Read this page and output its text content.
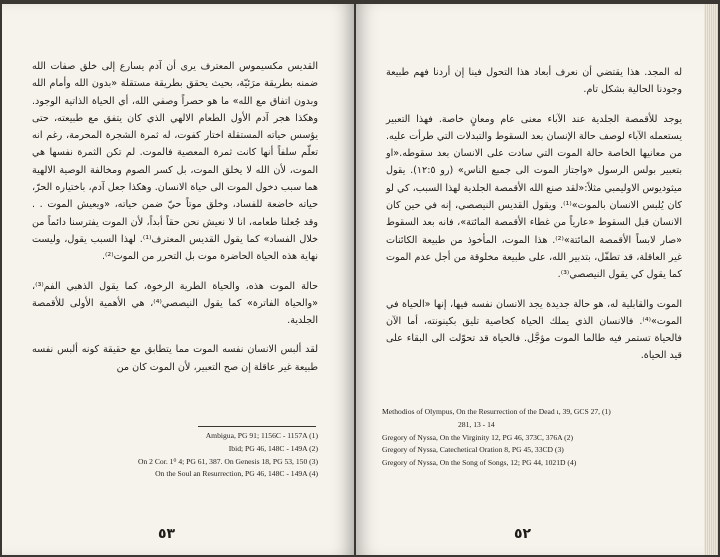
القديس مكسيموس المعترف يرى أن آدم يسارع إلى خلق صفات الله ضمنه بطريقة مرَئيّة، بحيث يحقق بطريقة مستقلة «بدون الله وأمام الله وبدون اتفاق مع الله» ما هو حصراً وصفي الله، أي الحياة الذاتية الوجود. وهكذا هجر آدم الأول الطعام الالهي الذي كان يتفق مع طبيعته، حتى يؤسس حياته المستقلة اختار كفوت، له ثمرة الشجرة المحرمة، رغم انه تعلّم سلفاً أنها كانت ثمرة المعصية فالموت. لم تكن الثمرة نفسها هي الموت، لأن الله لا يخلق الموت، بل كسر الصوم ومخالفة الوصية الالهية هما سبب دخول الموت الى حياة الانسان. وهكذا جعل آدم، باختياره الحرّ، حياته خاضعة للفساد، وخلق موتاً حيّ ضمن حياته، «ويعيش الموت . . وقد جُعلنا طعامه، انا لا نعيش نحن حقاً أبداً، لأن الموت يفترسنا دائماً من خلال الفساد» كما يقول القديس المعترف⁽¹⁾. لهذا السبب يقول، وليست نهاية هذه الحياة الحاضرة موت بل التحرر من الموت⁽²⁾.

حالة الموت هذه، والحياة الطرية الرخوة، كما يقول الذهبي الفم⁽³⁾، «والحياة الفاترة» كما يقول النيصصي⁽⁴⁾، هي الأهمية الأولى للأقمصة الجلدية.

لقد ألبس الانسان نفسه الموت مما يتطابق مع حقيقة كونه ألبس نفسه طبيعة غير عاقلة إن صح التعبير، لأن الموت كان من

Ambigua, PG 91; 1156C - 1157A (1)
Ibid; PG 46, 148C - 149A (2)
On 2 Cor. 1⁰ 4; PG 61, 387. On Genesis 18, PG 53, 150 (3)
On the Soul an Resurrection, PG 46, 148C - 149A (4)
٥٣

له المجد. هذا يقتضي أن نعرف أبعاد هذا التحول فينا إن أردنا فهم طبيعة وجودنا الحالية بشكل تام.

يوجد للأقمصة الجلدية عند الآباء معنى عام ومعانٍ خاصة. فهذا التعبير يستعمله الآباء لوصف حالة الإنسان بعد السقوط والتبدلات التي طرأت عليه. من معانيها الخاصة حالة الموت التي سادت على الانسان بعد سقوطه.«او بتعبير بولس الرسول «واجتاز الموت الى جميع الناس» (رو ١٢:٥). يقول ميثوديوس الاوليمبي مثلاً:«لقد صنع الله الأقمصة الجلدية لهذا السبب، كي لو كان يُلبس الانسان بالموت»⁽¹⁾. ويقول القديس النيصصي، إنه في حين كان الانسان قبل السقوط «عارياً من غطاء الأقمصة المائتة»، فانه بعد السقوط «صار لابساً الأقمصة المائتة»⁽²⁾. هذا الموت، المأخوذ من طبيعة الكائنات غير العاقلة، قد تطفّل، بتدبير الله، على طبيعة مخلوقة من أجل عدم الموت كما يقول كي يقول النيصصي⁽³⁾.

الموت والقابلية له، هو حالة جديدة يجد الانسان نفسه فيها، إنها «الحياة في الموت»⁽⁴⁾. فالانسان الذي يملك الحياة كخاصية تليق بكينونته، أما الآن فالحياة تستمر فيه طالما الموت مؤجَّل. فالحياة قد تحوّلت الى البقاء على قيد الحياة.

Methodios of Olympus, On the Resurrection of the Dead ı, 39, GCS 27, (1)
281, 13 - 14
Gregory of Nyssa, On the Virginity 12, PG 46, 373C, 376A (2)
Gregory of Nyssa, Catechetical Oration 8, PG 45, 33CD (3)
Gregory of Nyssa, On the Song of Songs, 12; PG 44, 1021D (4)
٥٢
